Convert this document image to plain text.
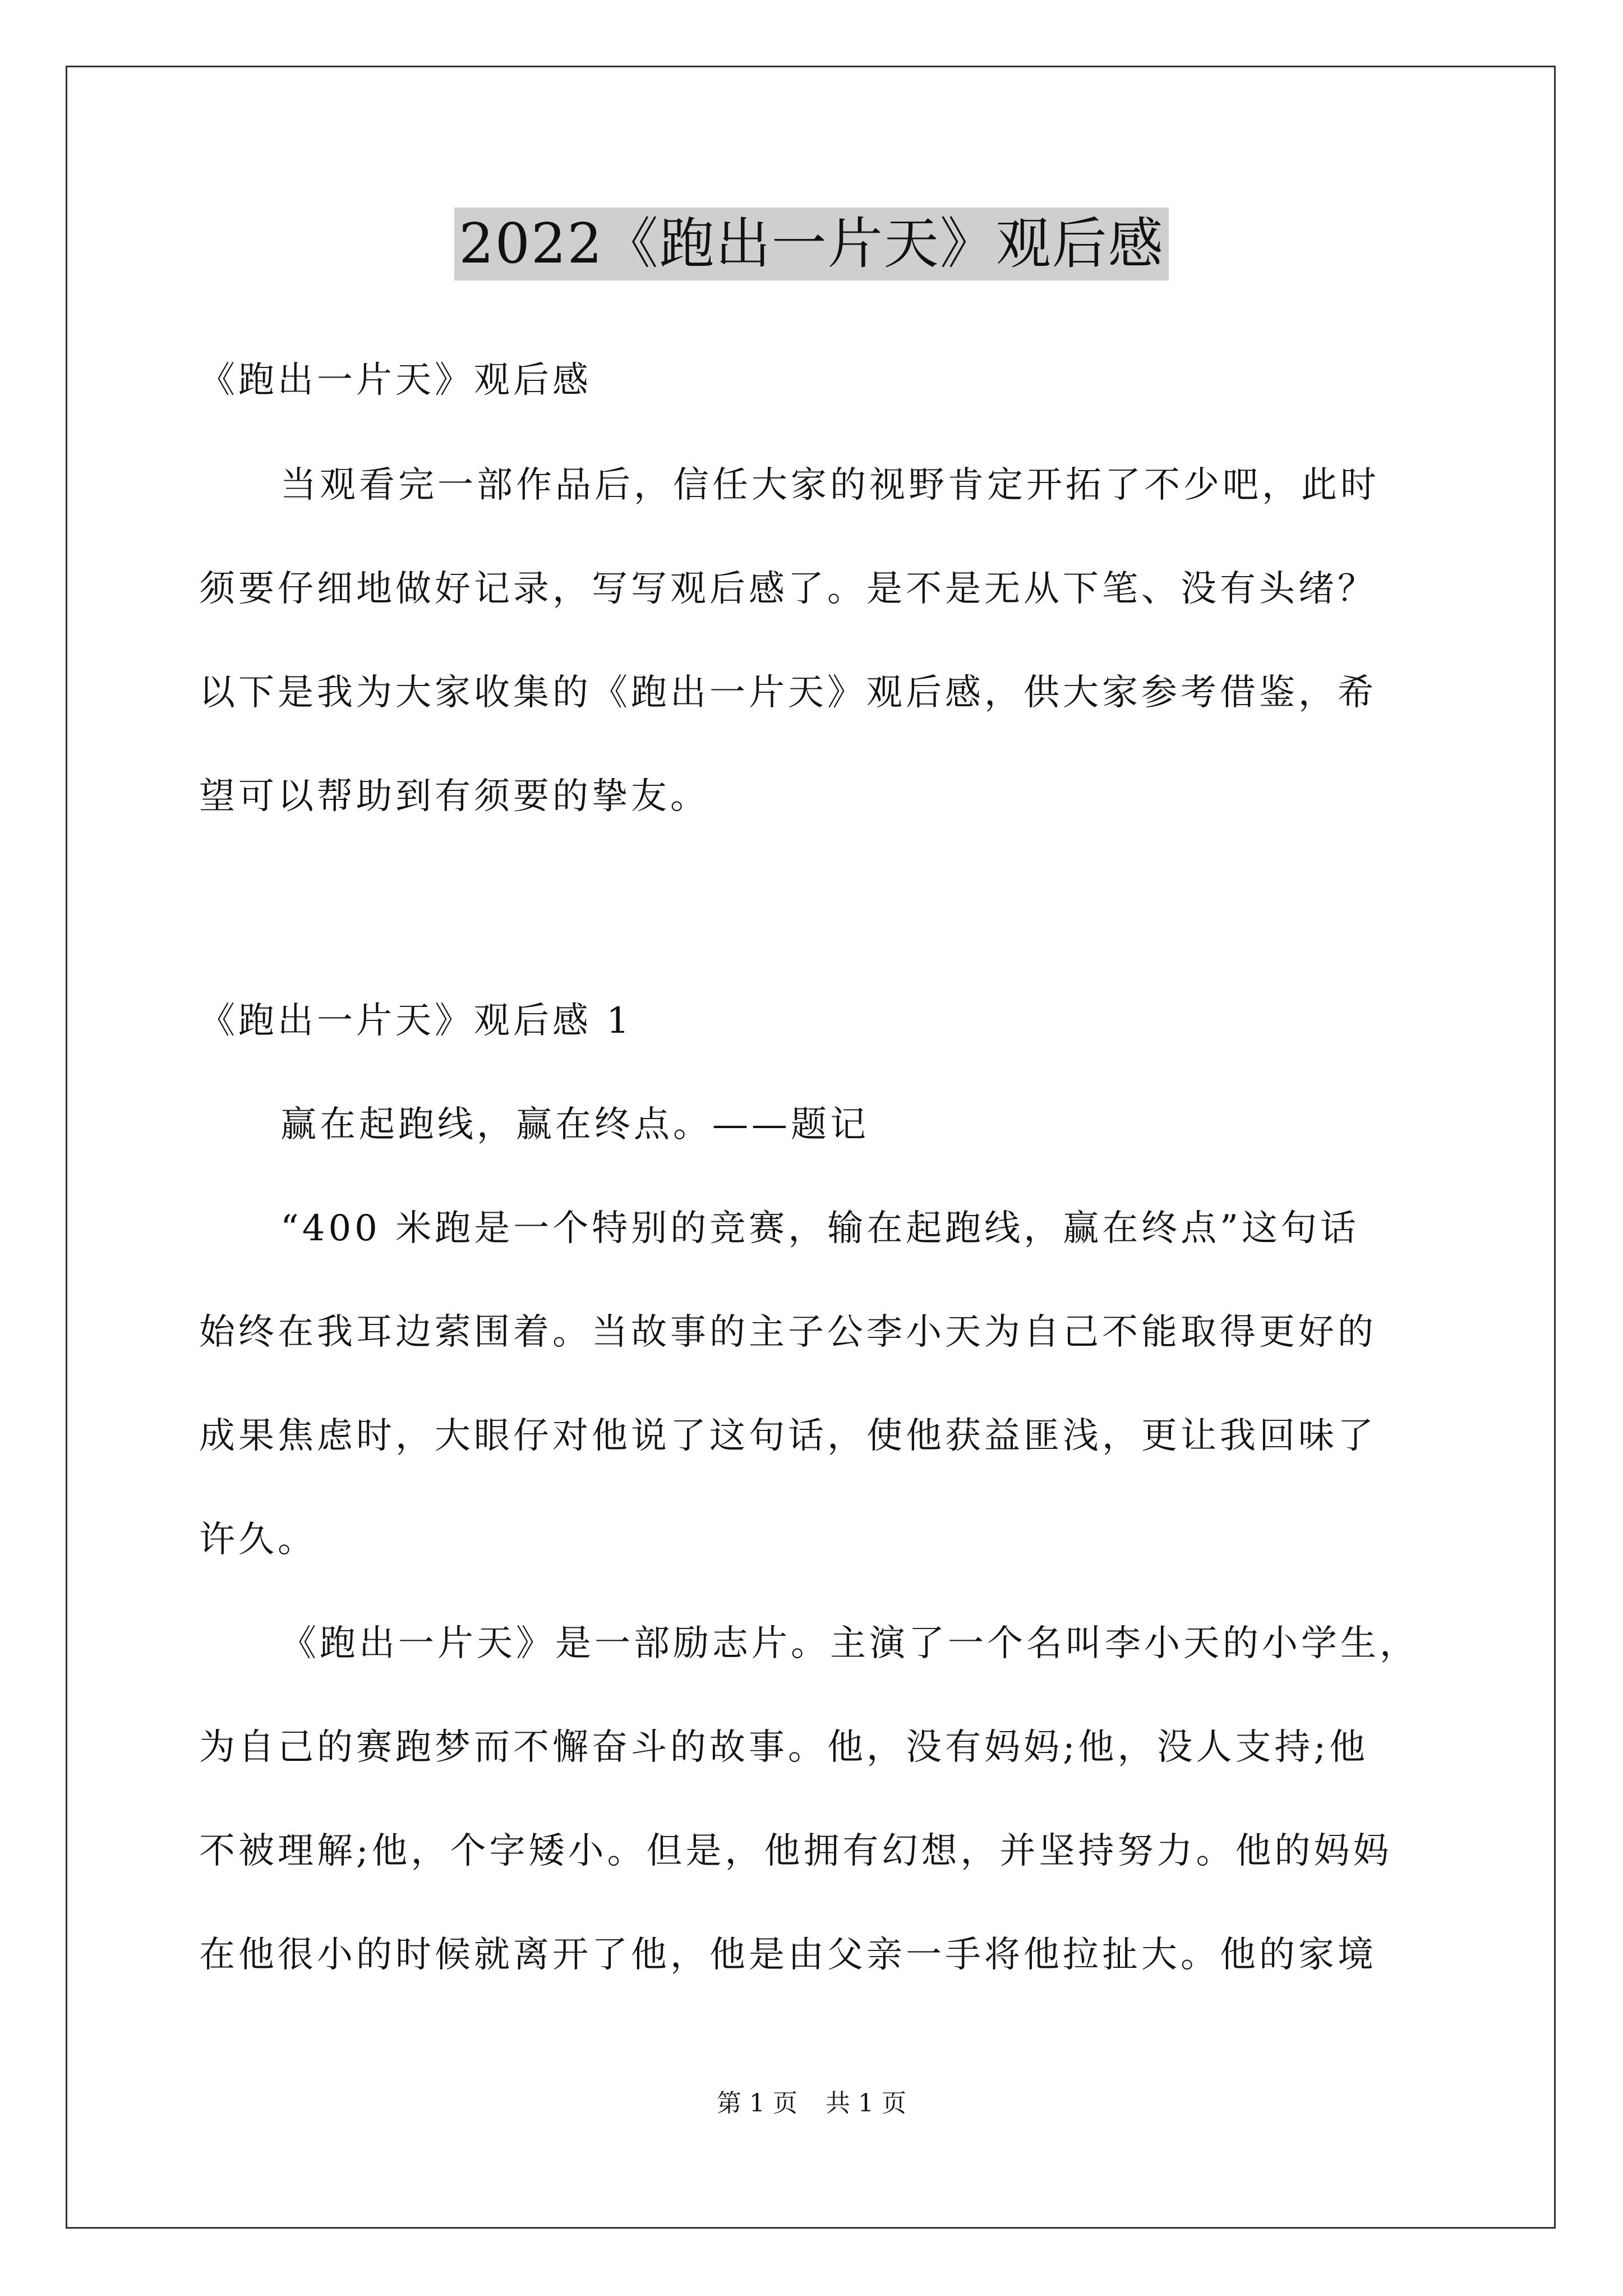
2022《跑出一片天》观后感
《跑出一片天》观后感
当观看完一部作品后，信任大家的视野肯定开拓了不少吧，此时
须要仔细地做好记录，写写观后感了。是不是无从下笔、没有头绪？
以下是我为大家收集的《跑出一片天》观后感，供大家参考借鉴，希
望可以帮助到有须要的挚友。
《跑出一片天》观后感 1
赢在起跑线，赢在终点。——题记
“400 米跑是一个特别的竞赛，输在起跑线，赢在终点”这句话
始终在我耳边萦围着。当故事的主子公李小天为自己不能取得更好的
成果焦虑时，大眼仔对他说了这句话，使他获益匪浅，更让我回味了
许久。
《跑出一片天》是一部励志片。主演了一个名叫李小天的小学生，
为自己的赛跑梦而不懈奋斗的故事。他，没有妈妈;他，没人支持;他
不被理解;他，个字矮小。但是，他拥有幻想，并坚持努力。他的妈妈
在他很小的时候就离开了他，他是由父亲一手将他拉扯大。他的家境
第 1 页 共 1 页
